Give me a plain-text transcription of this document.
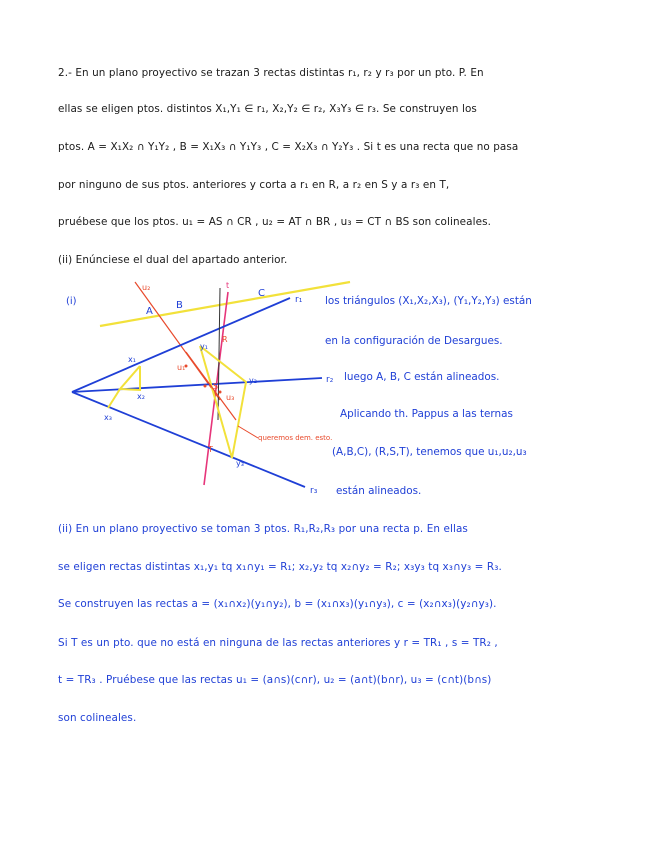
2.- En un plano proyectivo se trazan 3 rectas distintas r₁, r₂ y r₃ por un pto. P. En
ellas se eligen ptos. distintos X₁,Y₁ ∈ r₁, X₂,Y₂ ∈ r₂, X₃Y₃ ∈ r₃. Se construyen los
ptos. A = X₁X₂ ∩ Y₁Y₂ , B = X₁X₃ ∩ Y₁Y₃ , C = X₂X₃ ∩ Y₂Y₃ . Si t es una recta que no pasa
por ninguno de sus ptos. anteriores y corta a r₁ en R, a r₂ en S y a r₃ en T,
pruébese que los ptos. u₁ = AS ∩ CR , u₂ = AT ∩ BR , u₃ = CT ∩ BS son colineales.
(ii) Enúnciese el dual del apartado anterior.
(i)
A
B
C
t
R
S
T
u₂
u₁
u₃
x₁
x₂
x₃
y₁
y₂
y₃
r₁
r₂
r₃
queremos dem. esto.
los triángulos (X₁,X₂,X₃), (Y₁,Y₂,Y₃) están
en la configuración de Desargues.
luego A, B, C están alineados.
Aplicando th. Pappus a las ternas
(A,B,C), (R,S,T), tenemos que u₁,u₂,u₃
están alineados.
(ii) En un plano proyectivo se toman 3 ptos. R₁,R₂,R₃ por una recta p. En ellas
se eligen rectas distintas x₁,y₁ tq x₁∩y₁ = R₁; x₂,y₂ tq x₂∩y₂ = R₂; x₃y₃ tq x₃∩y₃ = R₃.
Se construyen las rectas a = (x₁∩x₂)(y₁∩y₂), b = (x₁∩x₃)(y₁∩y₃), c = (x₂∩x₃)(y₂∩y₃).
Si T es un pto. que no está en ninguna de las rectas anteriores y r = TR₁ , s = TR₂ ,
t = TR₃ . Pruébese que las rectas u₁ = (a∩s)(c∩r), u₂ = (a∩t)(b∩r), u₃ = (c∩t)(b∩s)
son colineales.
